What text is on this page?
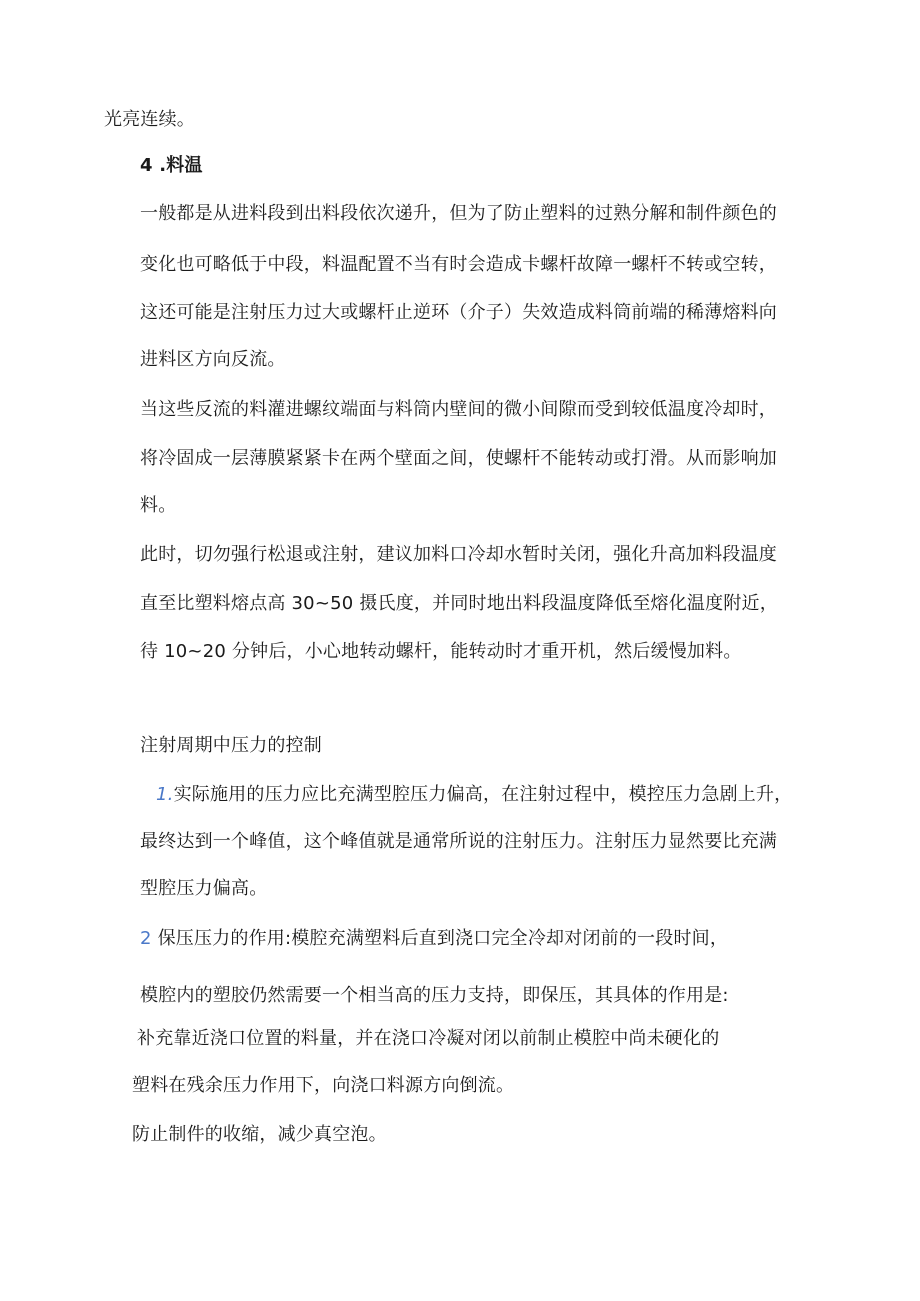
光亮连续。
4 .料温
一般都是从进料段到出料段依次递升，但为了防止塑料的过熟分解和制件颜色的
变化也可略低于中段，料温配置不当有时会造成卡螺杆故障一螺杆不转或空转，
这还可能是注射压力过大或螺杆止逆环（介子）失效造成料筒前端的稀薄熔料向
进料区方向反流。
当这些反流的料灌进螺纹端面与料筒内壁间的微小间隙而受到较低温度冷却时，
将冷固成一层薄膜紧紧卡在两个壁面之间，使螺杆不能转动或打滑。从而影响加
料。
此时，切勿强行松退或注射，建议加料口冷却水暂时关闭，强化升高加料段温度
直至比塑料熔点高 30~50 摄氏度，并同时地出料段温度降低至熔化温度附近，
待 10~20 分钟后，小心地转动螺杆，能转动时才重开机，然后缓慢加料。
注射周期中压力的控制
1.实际施用的压力应比充满型腔压力偏高，在注射过程中，模控压力急剧上升，
最终达到一个峰值，这个峰值就是通常所说的注射压力。注射压力显然要比充满
型腔压力偏高。
2 保压压力的作用:模腔充满塑料后直到浇口完全冷却对闭前的一段时间，
模腔内的塑胶仍然需要一个相当高的压力支持，即保压，其具体的作用是:
补充靠近浇口位置的料量，并在浇口冷凝对闭以前制止模腔中尚未硬化的
塑料在残余压力作用下，向浇口料源方向倒流。
防止制件的收缩，减少真空泡。
